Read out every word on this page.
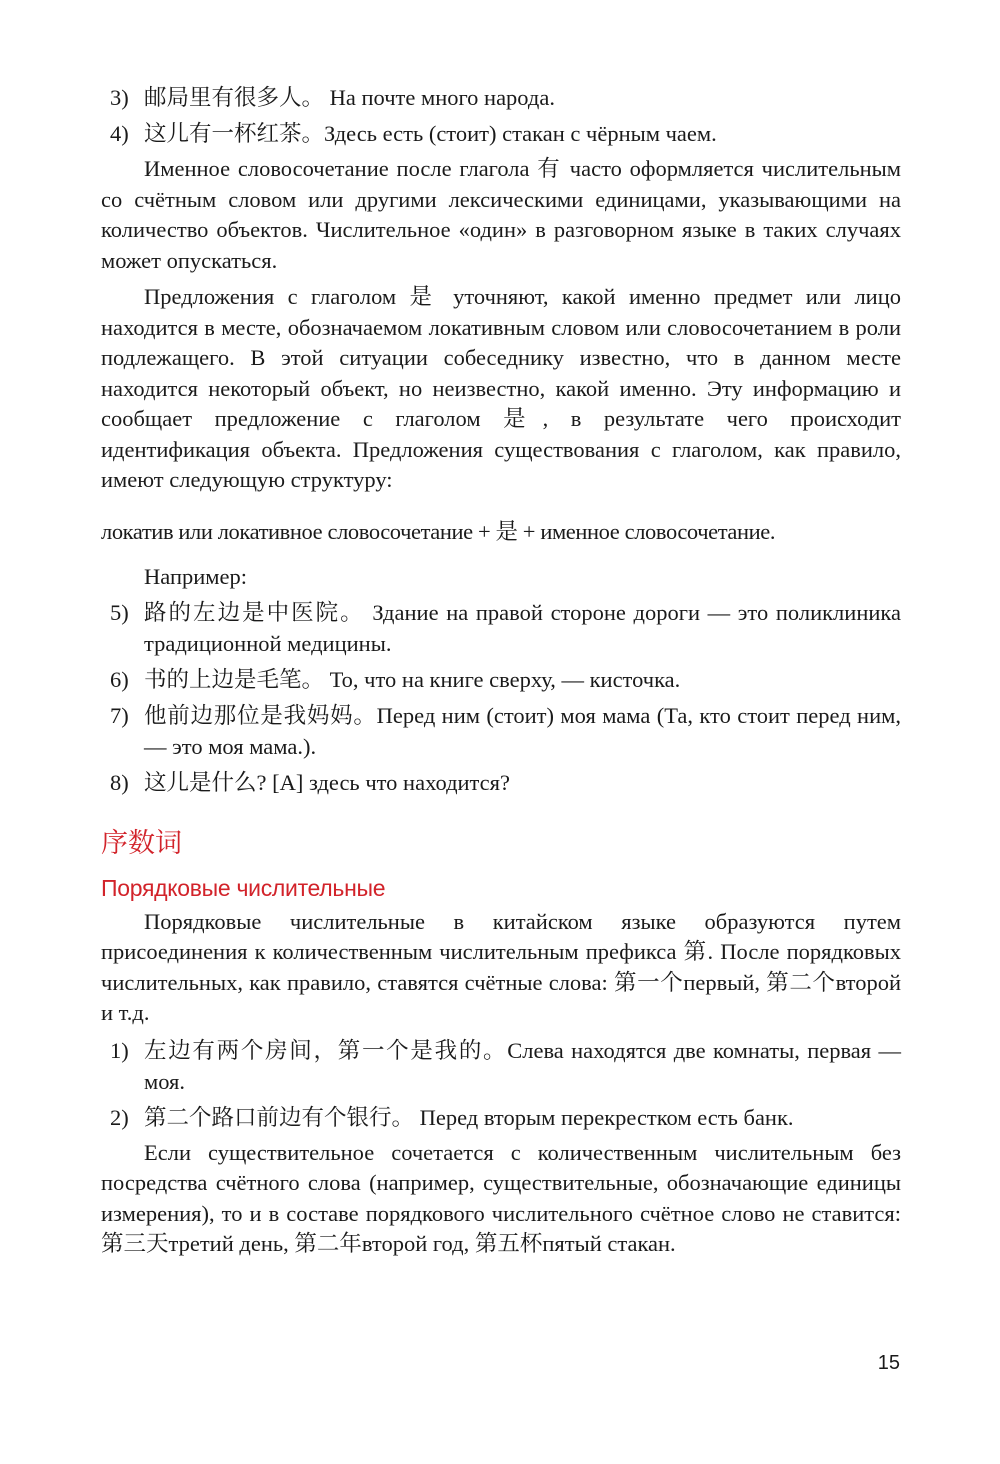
3) 邮局里有很多人。 На почте много народа.
4) 这儿有一杯红茶。Здесь есть (стоит) стакан с чёрным чаем.

Именное словосочетание после глагола 有 часто оформляется числительным со счётным словом или другими лексическими единицами, указывающими на количество объектов. Числительное «один» в разговорном языке в таких случаях может опускаться.

Предложения с глаголом 是 уточняют, какой именно предмет или лицо находится в месте, обозначаемом локативным словом или словосочетанием в роли подлежащего. В этой ситуации собеседнику известно, что в данном месте находится некоторый объект, но неизвестно, какой именно. Эту информацию и сообщает предложение с глаголом 是, в результате чего происходит идентификация объекта. Предложения существования с глаголом, как правило, имеют следующую структуру:

локатив или локативное словосочетание + 是 + именное словосочетание.
Например:
5) 路的左边是中医院。 Здание на правой стороне дороги — это поликлиника традиционной медицины.
6) 书的上边是毛笔。 То, что на книге сверху, — кисточка.
7) 他前边那位是我妈妈。Перед ним (стоит) моя мама (Та, кто стоит перед ним, — это моя мама.).
8) 这儿是什么? [А] здесь что находится?
序数词
Порядковые числительные

Порядковые числительные в китайском языке образуются путем присоединения к количественным числительным префикса 第. После порядковых числительных, как правило, ставятся счётные слова: 第一个первый, 第二个второй и т.д.

1) 左边有两个房间，第一个是我的。Слева находятся две комнаты, первая — моя.
2) 第二个路口前边有个银行。 Перед вторым перекрестком есть банк.

Если существительное сочетается с количественным числительным без посредства счётного слова (например, существительные, обозначающие единицы измерения), то и в составе порядкового числительного счётное слово не ставится: 第三天третий день, 第二年второй год, 第五杯пятый стакан.

15
